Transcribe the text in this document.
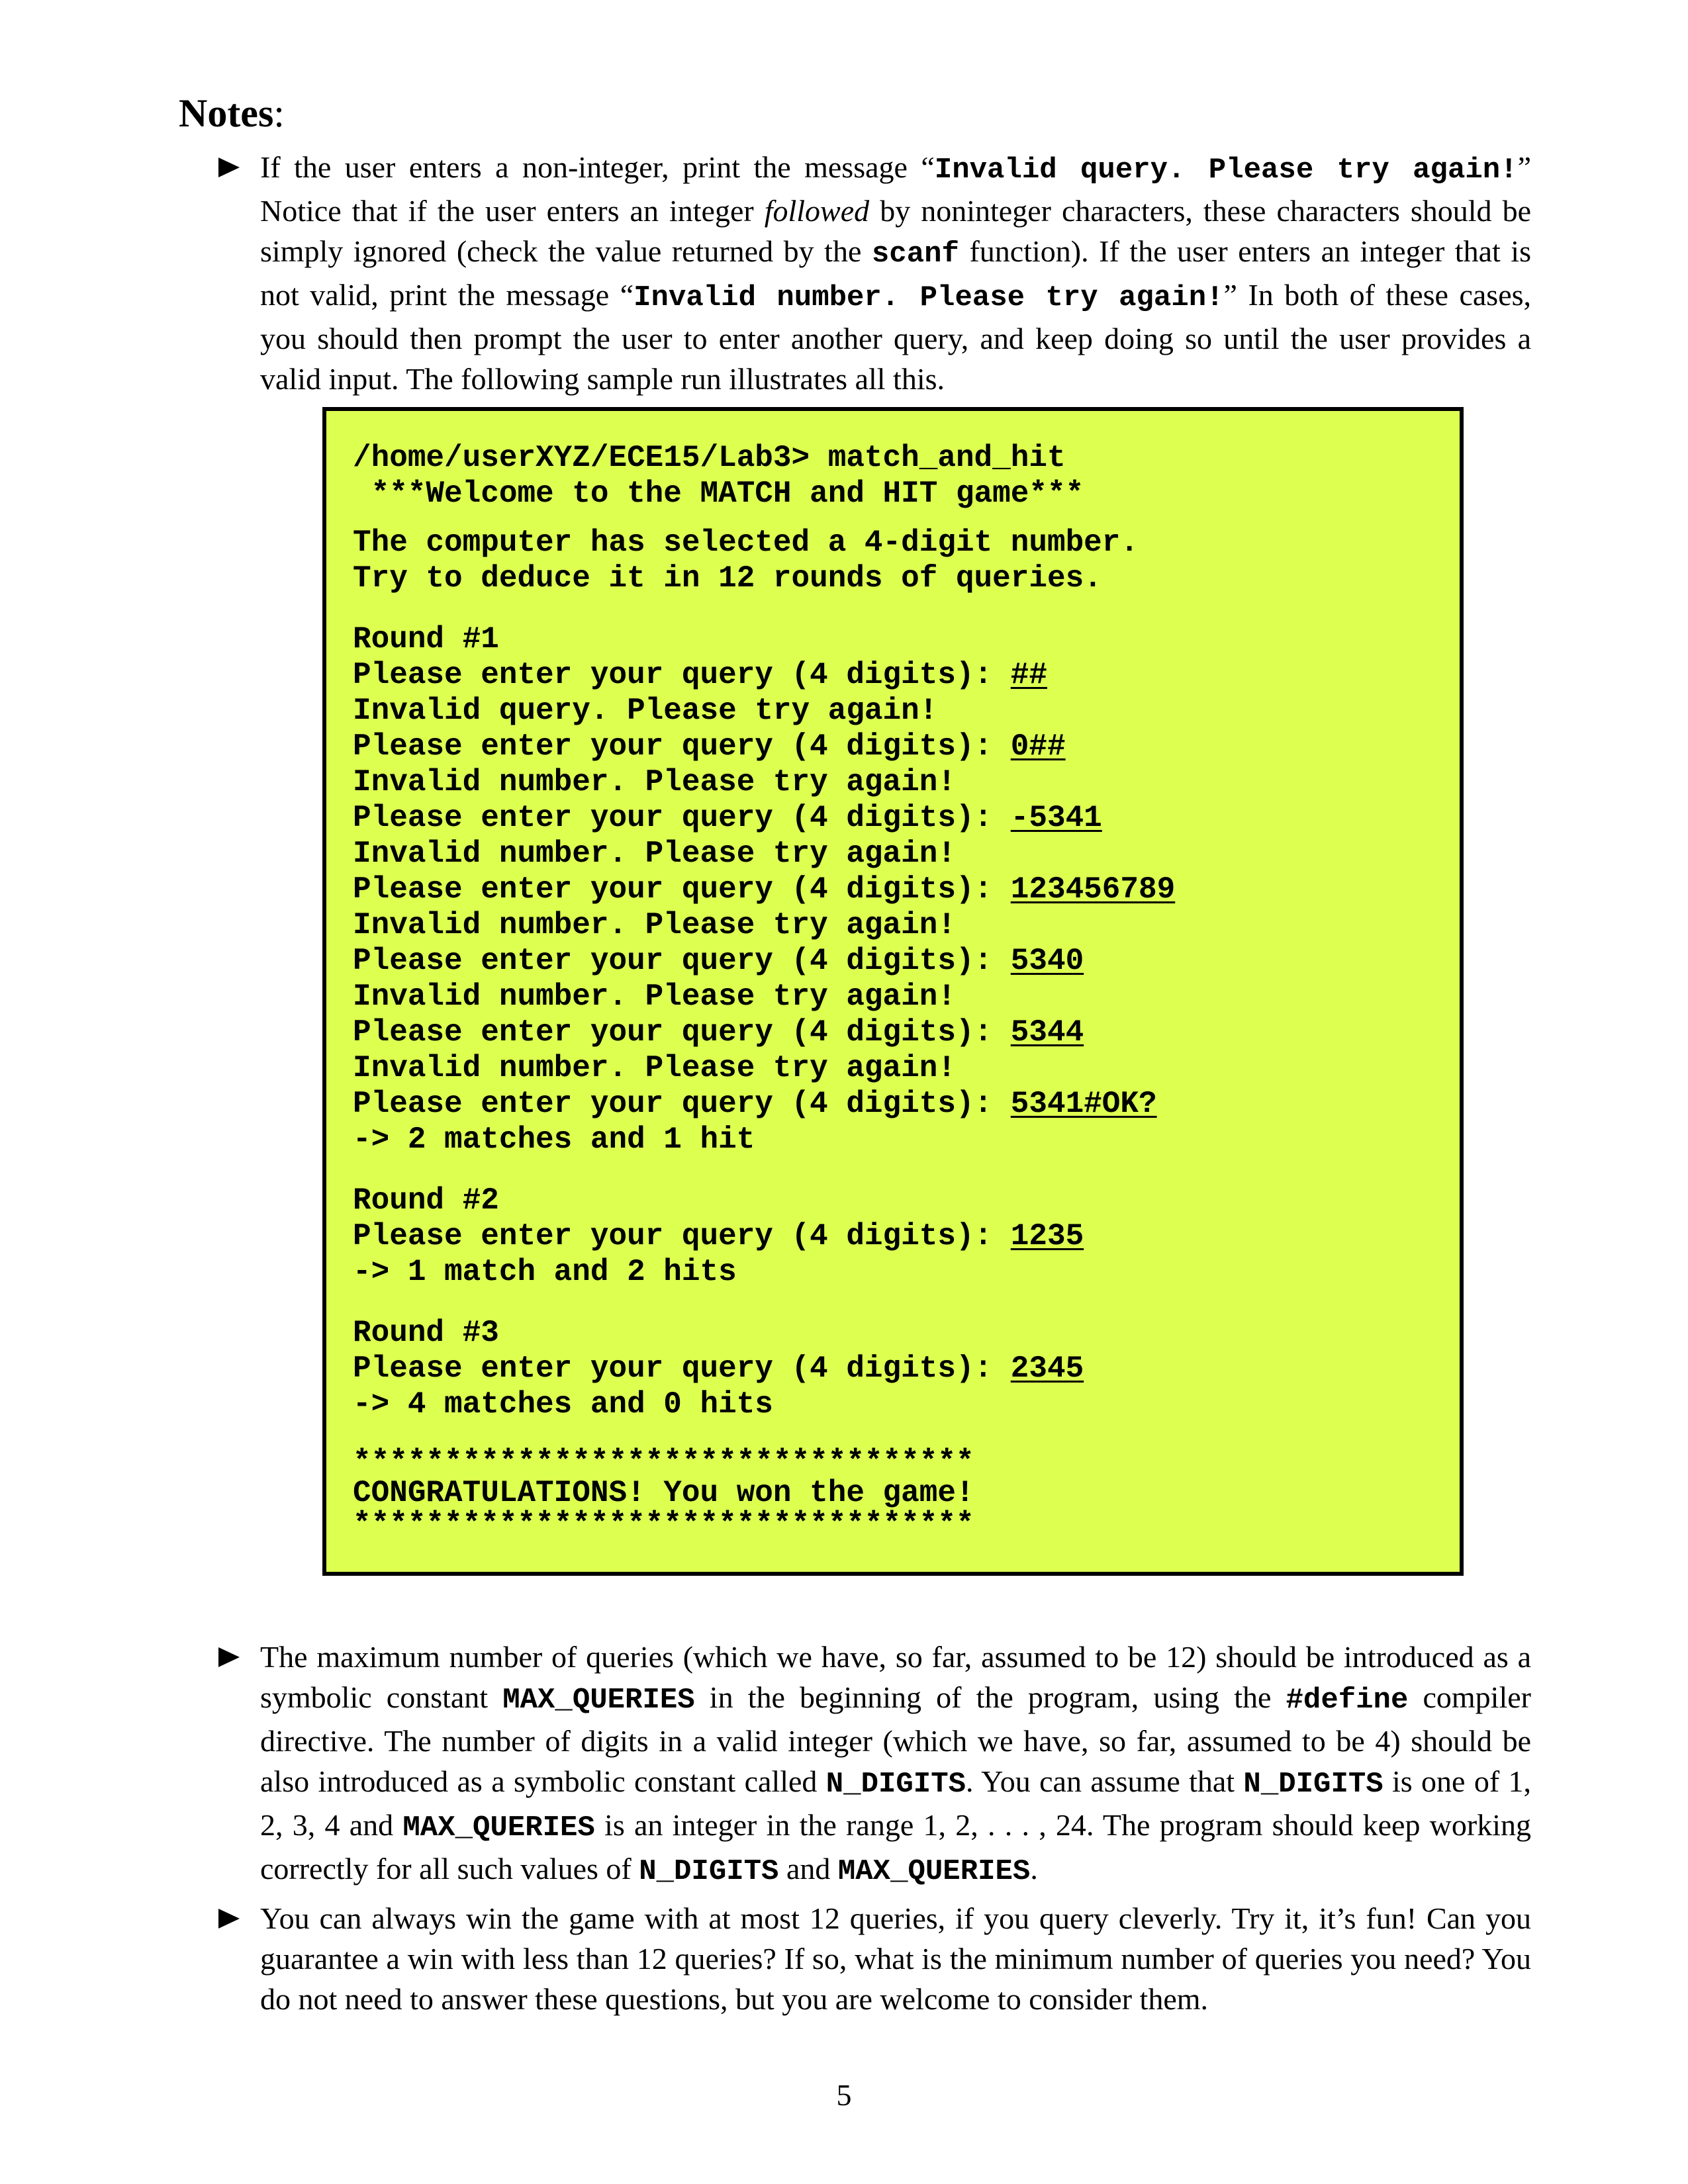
Notes:
If the user enters a non-integer, print the message “Invalid query. Please try again!” Notice that if the user enters an integer followed by noninteger characters, these characters should be simply ignored (check the value returned by the scanf function). If the user enters an integer that is not valid, print the message “Invalid number. Please try again!” In both of these cases, you should then prompt the user to enter another query, and keep doing so until the user provides a valid input. The following sample run illustrates all this.
/home/userXYZ/ECE15/Lab3> match_and_hit
***Welcome to the MATCH and HIT game***
The computer has selected a 4-digit number.
Try to deduce it in 12 rounds of queries.
Round #1
Please enter your query (4 digits): ##
Invalid query. Please try again!
Please enter your query (4 digits): 0##
Invalid number. Please try again!
Please enter your query (4 digits): -5341
Invalid number. Please try again!
Please enter your query (4 digits): 123456789
Invalid number. Please try again!
Please enter your query (4 digits): 5340
Invalid number. Please try again!
Please enter your query (4 digits): 5344
Invalid number. Please try again!
Please enter your query (4 digits): 5341#OK?
-> 2 matches and 1 hit
Round #2
Please enter your query (4 digits): 1235
-> 1 match and 2 hits
Round #3
Please enter your query (4 digits): 2345
-> 4 matches and 0 hits
**********************************
CONGRATULATIONS! You won the game!
**********************************
The maximum number of queries (which we have, so far, assumed to be 12) should be introduced as a symbolic constant MAX_QUERIES in the beginning of the program, using the #define compiler directive. The number of digits in a valid integer (which we have, so far, assumed to be 4) should be also introduced as a symbolic constant called N_DIGITS. You can assume that N_DIGITS is one of 1, 2, 3, 4 and MAX_QUERIES is an integer in the range 1, 2, . . . , 24. The program should keep working correctly for all such values of N_DIGITS and MAX_QUERIES.
You can always win the game with at most 12 queries, if you query cleverly. Try it, it’s fun! Can you guarantee a win with less than 12 queries? If so, what is the minimum number of queries you need? You do not need to answer these questions, but you are welcome to consider them.
5
